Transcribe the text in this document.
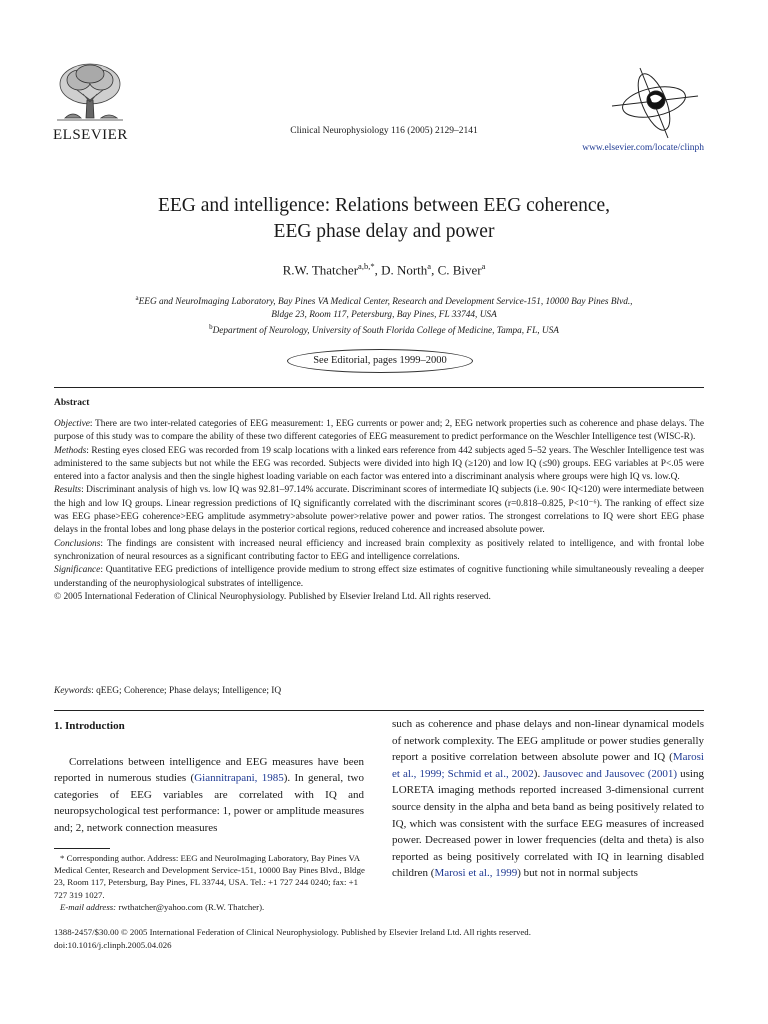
ELSEVIER	Clinical Neurophysiology 116 (2005) 2129–2141
www.elsevier.com/locate/clinph
EEG and intelligence: Relations between EEG coherence,
EEG phase delay and power
R.W. Thatcher$^{a,b,*}$, D. North$^a$, C. Biver$^a$
$^a$EEG and NeuroImaging Laboratory, Bay Pines VA Medical Center, Research and Development Service-151, 10000 Bay Pines Blvd.,
Bldge 23, Room 117, Petersburg, Bay Pines, FL 33744, USA
$^b$Department of Neurology, University of South Florida College of Medicine, Tampa, FL, USA
See Editorial, pages 1999–2000
Abstract

Objective: There are two inter-related categories of EEG measurement: 1, EEG currents or power and; 2, EEG network properties such as coherence and phase delays. The purpose of this study was to compare the ability of these two different categories of EEG measurement to predict performance on the Weschler Intelligence test (WISC-R).

Methods: Resting eyes closed EEG was recorded from 19 scalp locations with a linked ears reference from 442 subjects aged 5–52 years. The Weschler Intelligence test was administered to the same subjects but not while the EEG was recorded. Subjects were divided into high IQ (≥120) and low IQ (≤90) groups. EEG variables at P<.05 were entered into a factor analysis and then the single highest loading variable on each factor was entered into a discriminant analysis where groups were high IQ vs. low.Q.

Results: Discriminant analysis of high vs. low IQ was 92.81–97.14% accurate. Discriminant scores of intermediate IQ subjects (i.e. 90< IQ<120) were intermediate between the high and low IQ groups. Linear regression predictions of IQ significantly correlated with the discriminant scores (r=0.818–0.825, P<10⁻⁶). The ranking of effect size was EEG phase>EEG coherence>EEG amplitude asymmetry>absolute power>relative power and power ratios. The strongest correlations to IQ were short EEG phase delays in the frontal lobes and long phase delays in the posterior cortical regions, reduced coherence and increased absolute power.

Conclusions: The findings are consistent with increased neural efficiency and increased brain complexity as positively related to intelligence, and with frontal lobe synchronization of neural resources as a significant contributing factor to EEG and intelligence correlations.

Significance: Quantitative EEG predictions of intelligence provide medium to strong effect size estimates of cognitive functioning while simultaneously revealing a deeper understanding of the neurophysiological substrates of intelligence.

© 2005 International Federation of Clinical Neurophysiology. Published by Elsevier Ireland Ltd. All rights reserved.

Keywords: qEEG; Coherence; Phase delays; Intelligence; IQ
1. Introduction

Correlations between intelligence and EEG measures have been reported in numerous studies (Giannitrapani, 1985). In general, two categories of EEG variables are correlated with IQ and neuropsychological test performance: 1, power or amplitude measures and; 2, network connection measures

such as coherence and phase delays and non-linear dynamical models of network complexity. The EEG amplitude or power studies generally report a positive correlation between absolute power and IQ (Marosi et al., 1999; Schmid et al., 2002). Jausovec and Jausovec (2001) using LORETA imaging methods reported increased 3-dimensional current source density in the alpha and beta band as being positively related to IQ, which was consistent with the surface EEG measures of increased power. Decreased power in lower frequencies (delta and theta) is also reported as being positively correlated with IQ in learning disabled children (Marosi et al., 1999) but not in normal subjects

* Corresponding author. Address: EEG and NeuroImaging Laboratory, Bay Pines VA Medical Center, Research and Development Service-151, 10000 Bay Pines Blvd., Bldge 23, Room 117, Petersburg, Bay Pines, FL 33744, USA. Tel.: +1 727 244 0240; fax: +1 727 319 1027.

E-mail address: rwthatcher@yahoo.com (R.W. Thatcher).

1388-2457/$30.00 © 2005 International Federation of Clinical Neurophysiology. Published by Elsevier Ireland Ltd. All rights reserved.
doi:10.1016/j.clinph.2005.04.026
